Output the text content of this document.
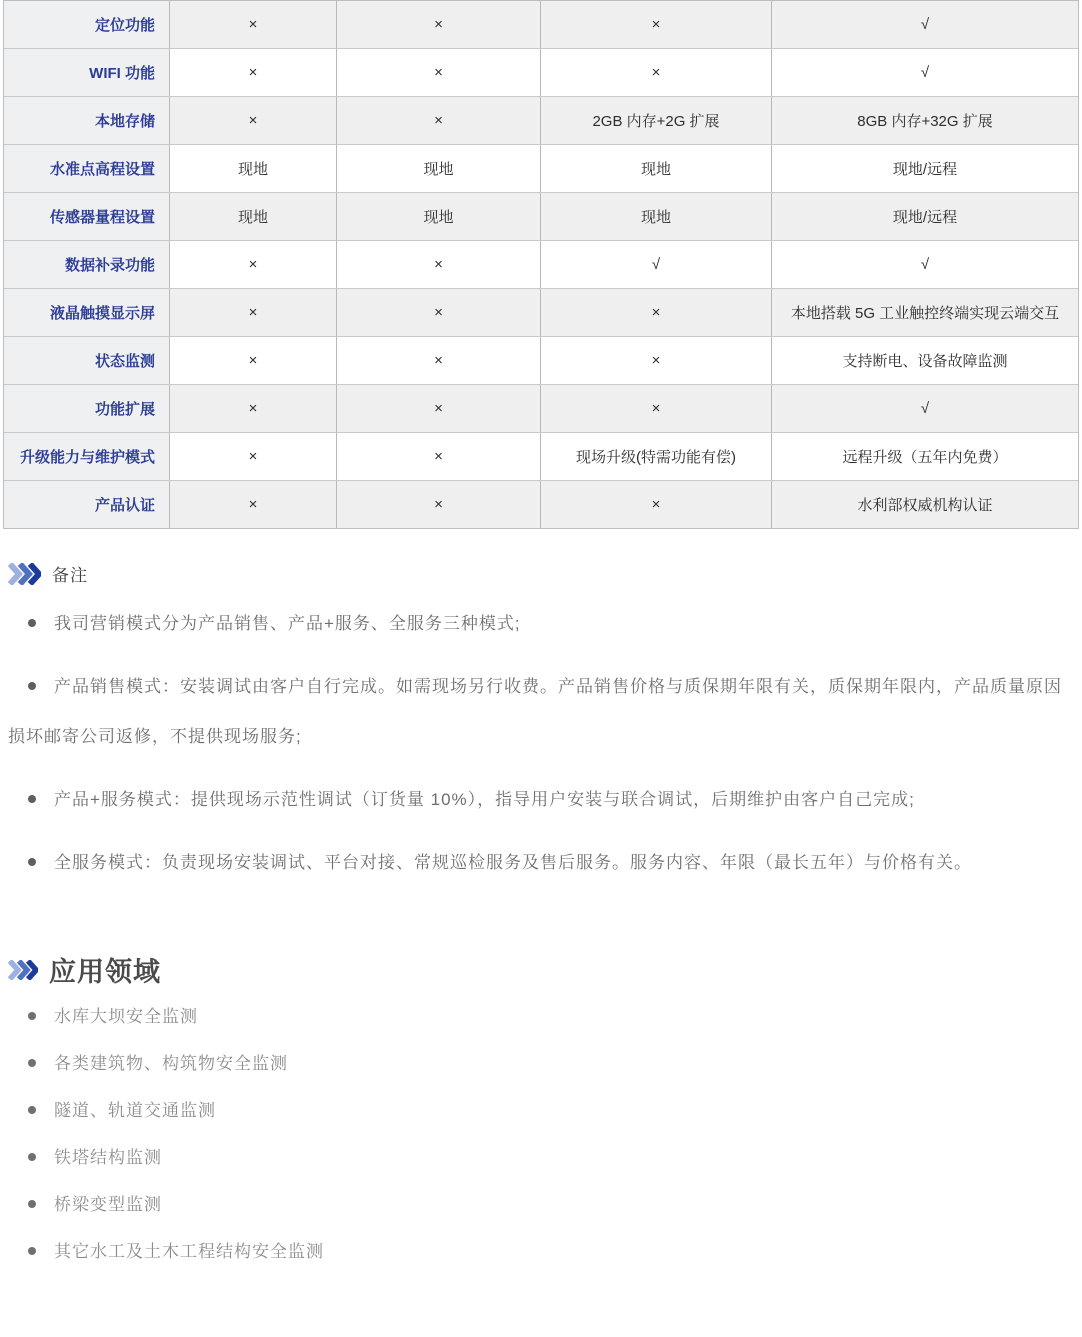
定位功能	×	×	×	√
WIFI 功能	×	×	×	√
本地存储	×	×	2GB 内存+2G 扩展	8GB 内存+32G 扩展
水准点高程设置	现地	现地	现地	现地/远程
传感器量程设置	现地	现地	现地	现地/远程
数据补录功能	×	×	√	√
液晶触摸显示屏	×	×	×	本地搭载 5G 工业触控终端实现云端交互
状态监测	×	×	×	支持断电、设备故障监测
功能扩展	×	×	×	√
升级能力与维护模式	×	×	现场升级(特需功能有偿)	远程升级（五年内免费）
产品认证	×	×	×	水利部权威机构认证
备注

我司营销模式分为产品销售、产品+服务、全服务三种模式;

产品销售模式：安装调试由客户自行完成。如需现场另行收费。产品销售价格与质保期年限有关，质保期年限内，产品质量原因损坏邮寄公司返修，不提供现场服务;

产品+服务模式：提供现场示范性调试（订货量 10%），指导用户安装与联合调试，后期维护由客户自己完成;

全服务模式：负责现场安装调试、平台对接、常规巡检服务及售后服务。服务内容、年限（最长五年）与价格有关。

应用领域

水库大坝安全监测

各类建筑物、构筑物安全监测

隧道、轨道交通监测

铁塔结构监测

桥梁变型监测

其它水工及土木工程结构安全监测
